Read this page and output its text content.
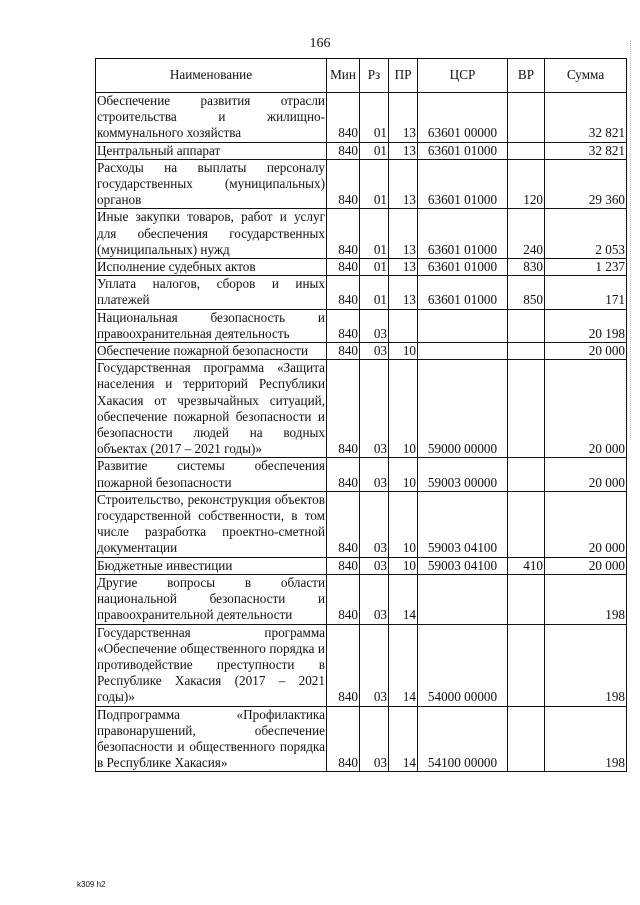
166
Наименование	Мин	Рз	ПР	ЦСР	ВР	Сумма
Обеспечение развития отрасли строительства и жилищно-коммунального хозяйства	840	01	13	63601 00000		32 821
Центральный аппарат	840	01	13	63601 01000		32 821
Расходы на выплаты персоналу государственных (муниципальных) органов	840	01	13	63601 01000	120	29 360
Иные закупки товаров, работ и услуг для обеспечения государственных (муниципальных) нужд	840	01	13	63601 01000	240	2 053
Исполнение судебных актов	840	01	13	63601 01000	830	1 237
Уплата налогов, сборов и иных платежей	840	01	13	63601 01000	850	171
Национальная безопасность и правоохранительная деятельность	840	03				20 198
Обеспечение пожарной безопасности	840	03	10			20 000
Государственная программа «Защита населения и территорий Республики Хакасия от чрезвычайных ситуаций, обеспечение пожарной безопасности и безопасности людей на водных объектах (2017 – 2021 годы)»	840	03	10	59000 00000		20 000
Развитие системы обеспечения пожарной безопасности	840	03	10	59003 00000		20 000
Строительство, реконструкция объектов государственной собственности, в том числе разработка проектно-сметной документации	840	03	10	59003 04100		20 000
Бюджетные инвестиции	840	03	10	59003 04100	410	20 000
Другие вопросы в области национальной безопасности и правоохранительной деятельности	840	03	14			198
Государственная программа «Обеспечение общественного порядка и противодействие преступности в Республике Хакасия (2017 – 2021 годы)»	840	03	14	54000 00000		198
Подпрограмма «Профилактика правонарушений, обеспечение безопасности и общественного порядка в Республике Хакасия»	840	03	14	54100 00000		198
k309 h2
